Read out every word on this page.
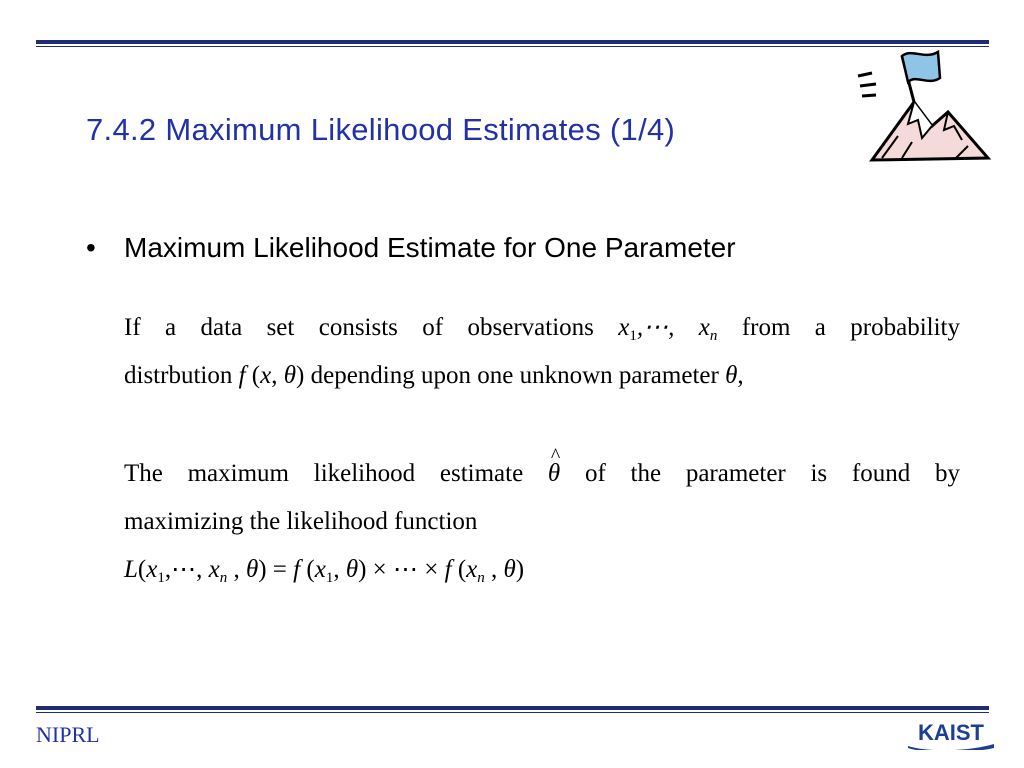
7.4.2 Maximum Likelihood Estimates (1/4)
• Maximum Likelihood Estimate for One Parameter
If a data set consists of observations $x_1,\cdots$, $x_n$ from a probability
distrbution f (x, θ) depending upon one unknown parameter θ,
The maximum likelihood estimate ^ θ of the parameter is found by
maximizing the likelihood function
$L(x_1,\cdots$, $x_n$ , θ) = f ($x_1$, θ) × ⋯ × f ($x_n$ , θ)
NIPRL	KAIST
